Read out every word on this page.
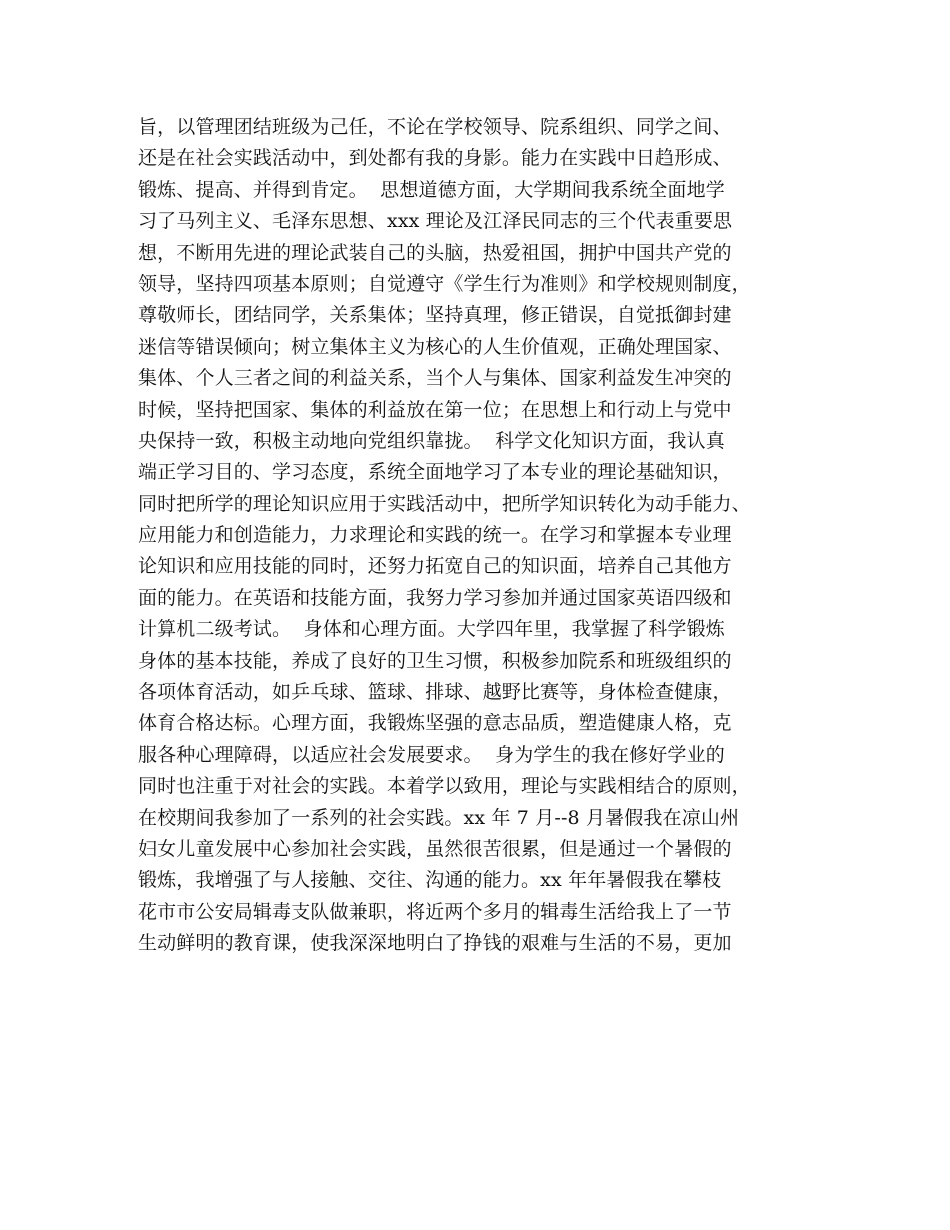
旨，以管理团结班级为己任，不论在学校领导、院系组织、同学之间、
还是在社会实践活动中，到处都有我的身影。能力在实践中日趋形成、
锻炼、提高、并得到肯定。  思想道德方面，大学期间我系统全面地学
习了马列主义、毛泽东思想、xxx 理论及江泽民同志的三个代表重要思
想，不断用先进的理论武装自己的头脑，热爱祖国，拥护中国共产党的
领导，坚持四项基本原则；自觉遵守《学生行为准则》和学校规则制度，
尊敬师长，团结同学，关系集体；坚持真理，修正错误，自觉抵御封建
迷信等错误倾向；树立集体主义为核心的人生价值观，正确处理国家、
集体、个人三者之间的利益关系，当个人与集体、国家利益发生冲突的
时候，坚持把国家、集体的利益放在第一位；在思想上和行动上与党中
央保持一致，积极主动地向党组织靠拢。  科学文化知识方面，我认真
端正学习目的、学习态度，系统全面地学习了本专业的理论基础知识，
同时把所学的理论知识应用于实践活动中，把所学知识转化为动手能力、
应用能力和创造能力，力求理论和实践的统一。在学习和掌握本专业理
论知识和应用技能的同时，还努力拓宽自己的知识面，培养自己其他方
面的能力。在英语和技能方面，我努力学习参加并通过国家英语四级和
计算机二级考试。  身体和心理方面。大学四年里，我掌握了科学锻炼
身体的基本技能，养成了良好的卫生习惯，积极参加院系和班级组织的
各项体育活动，如乒乓球、篮球、排球、越野比赛等，身体检查健康，
体育合格达标。心理方面，我锻炼坚强的意志品质，塑造健康人格，克
服各种心理障碍，以适应社会发展要求。  身为学生的我在修好学业的
同时也注重于对社会的实践。本着学以致用，理论与实践相结合的原则，
在校期间我参加了一系列的社会实践。xx 年 7 月--8 月暑假我在凉山州
妇女儿童发展中心参加社会实践，虽然很苦很累，但是通过一个暑假的
锻炼，我增强了与人接触、交往、沟通的能力。xx 年年暑假我在攀枝
花市市公安局辑毒支队做兼职，将近两个多月的辑毒生活给我上了一节
生动鲜明的教育课，使我深深地明白了挣钱的艰难与生活的不易，更加
